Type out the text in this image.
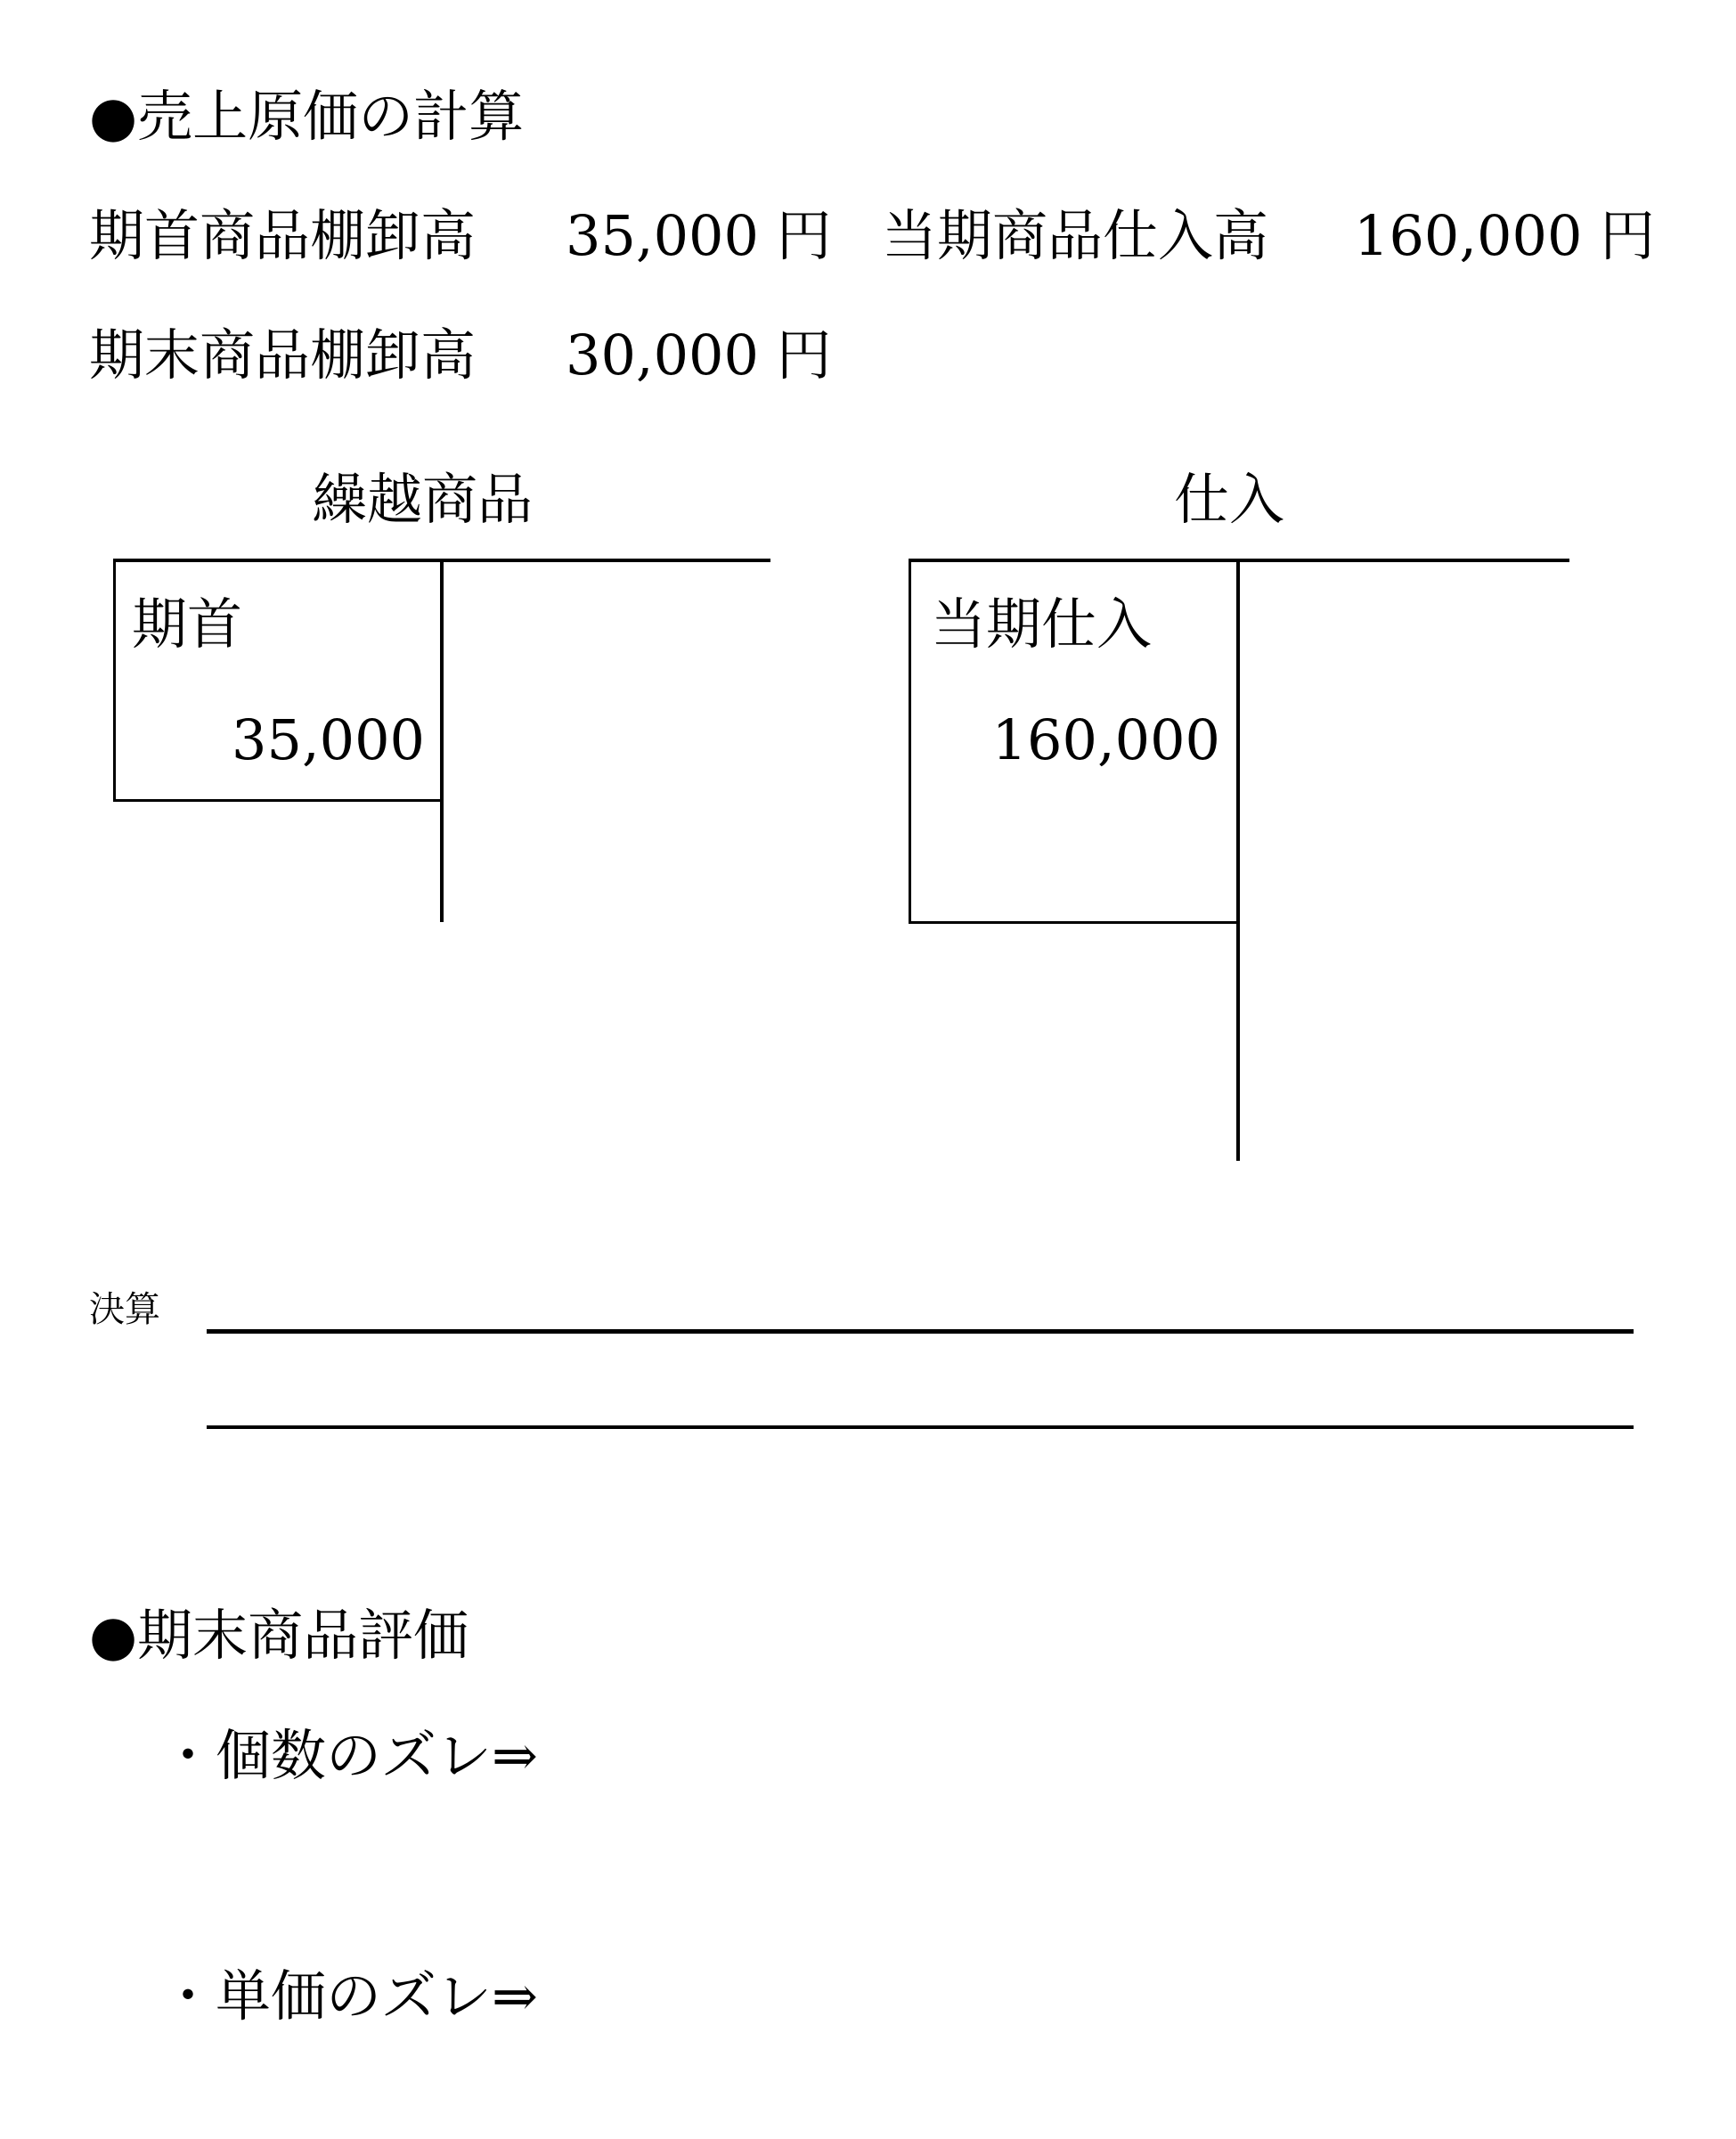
●売上原価の計算
期首商品棚卸高 35,000 円 当期商品仕入高 160,000 円
期末商品棚卸高 30,000 円
繰越商品
期首
35,000
仕入
当期仕入
160,000
決算
●期末商品評価
・個数のズレ⇒
・単価のズレ⇒
